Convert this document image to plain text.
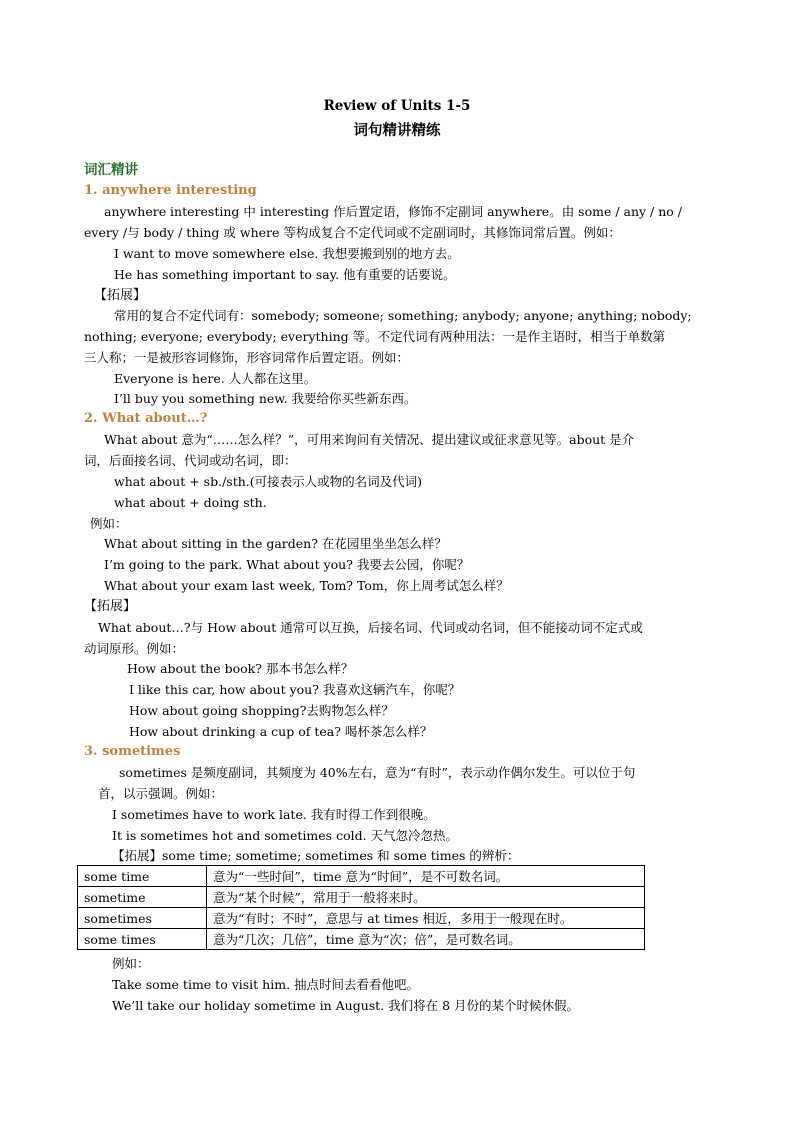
Review of Units 1-5
词句精讲精练
词汇精讲
1. anywhere interesting
anywhere interesting 中 interesting 作后置定语，修饰不定副词 anywhere。由 some / any / no /
every /与 body / thing 或 where 等构成复合不定代词或不定副词时，其修饰词常后置。例如：
I want to move somewhere else. 我想要搬到别的地方去。
He has something important to say. 他有重要的话要说。
【拓展】
常用的复合不定代词有：somebody; someone; something; anybody; anyone; anything; nobody;
nothing; everyone; everybody; everything 等。不定代词有两种用法：一是作主语时，相当于单数第
三人称；一是被形容词修饰，形容词常作后置定语。例如：
Everyone is here. 人人都在这里。
I’ll buy you something new. 我要给你买些新东西。
2. What about…?
What about 意为“……怎么样？”，可用来询问有关情况、提出建议或征求意见等。about 是介
词，后面接名词、代词或动名词，即：
what about + sb./sth.(可接表示人或物的名词及代词)
what about + doing sth.
例如：
What about sitting in the garden? 在花园里坐坐怎么样？
I’m going to the park. What about you? 我要去公园，你呢？
What about your exam last week, Tom? Tom，你上周考试怎么样？
【拓展】
What about…?与 How about 通常可以互换，后接名词、代词或动名词，但不能接动词不定式或
动词原形。例如：
How about the book? 那本书怎么样？
I like this car, how about you? 我喜欢这辆汽车，你呢？
How about going shopping?去购物怎么样？
How about drinking a cup of tea? 喝杯茶怎么样？
3. sometimes
sometimes 是频度副词，其频度为 40%左右，意为“有时”，表示动作偶尔发生。可以位于句
首，以示强调。例如：
I sometimes have to work late. 我有时得工作到很晚。
It is sometimes hot and sometimes cold. 天气忽冷忽热。
【拓展】some time; sometime; sometimes 和 some times 的辨析：
some time	意为“一些时间”，time 意为“时间”，是不可数名词。
sometime	意为“某个时候”，常用于一般将来时。
sometimes	意为“有时；不时”，意思与 at times 相近，多用于一般现在时。
some times	意为“几次；几倍”，time 意为“次；倍”，是可数名词。
例如：
Take some time to visit him. 抽点时间去看看他吧。
We’ll take our holiday sometime in August. 我们将在 8 月份的某个时候休假。
